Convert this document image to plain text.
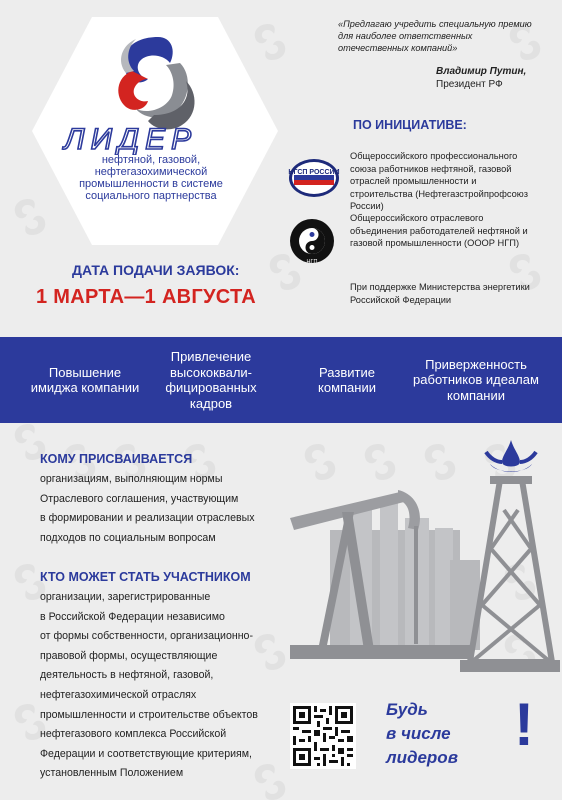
ЛИДЕР
нефтяной, газовой,
нефтегазохимической
промышленности в системе
социального партнерства
«Предлагаю учредить специальную премию для наиболее ответственных отечественных компаний»
Владимир Путин,
Президент РФ
ПО ИНИЦИАТИВЕ:
НГСП РОССИИ
Общероссийского профессионального союза работников нефтяной, газовой отраслей промышленности и строительства (Нефтегазстройпрофсоюз России)
НГП
Общероссийского отраслевого объединения работодателей нефтяной и газовой промышленности (ОООР НГП)
При поддержке Министерства энергетики Российской Федерации
ДАТА ПОДАЧИ ЗАЯВОК:
1 МАРТА—1 АВГУСТА
Повышение имиджа компании
Привлечение высококвали-фицированных кадров
Развитие компании
Приверженность работников идеалам компании
КОМУ ПРИСВАИВАЕТСЯ
организациям, выполняющим нормы
Отраслевого соглашения, участвующим
в формировании и реализации отраслевых
подходов по социальным вопросам
КТО МОЖЕТ СТАТЬ УЧАСТНИКОМ
организации, зарегистрированные
в Российской Федерации независимо
от формы собственности, организационно-
правовой формы, осуществляющие
деятельность в нефтяной, газовой,
нефтегазохимической отраслях
промышленности и строительстве объектов
нефтегазового комплекса Российской
Федерации и соответствующие критериям,
установленным Положением
Будь
в числе
лидеров !
